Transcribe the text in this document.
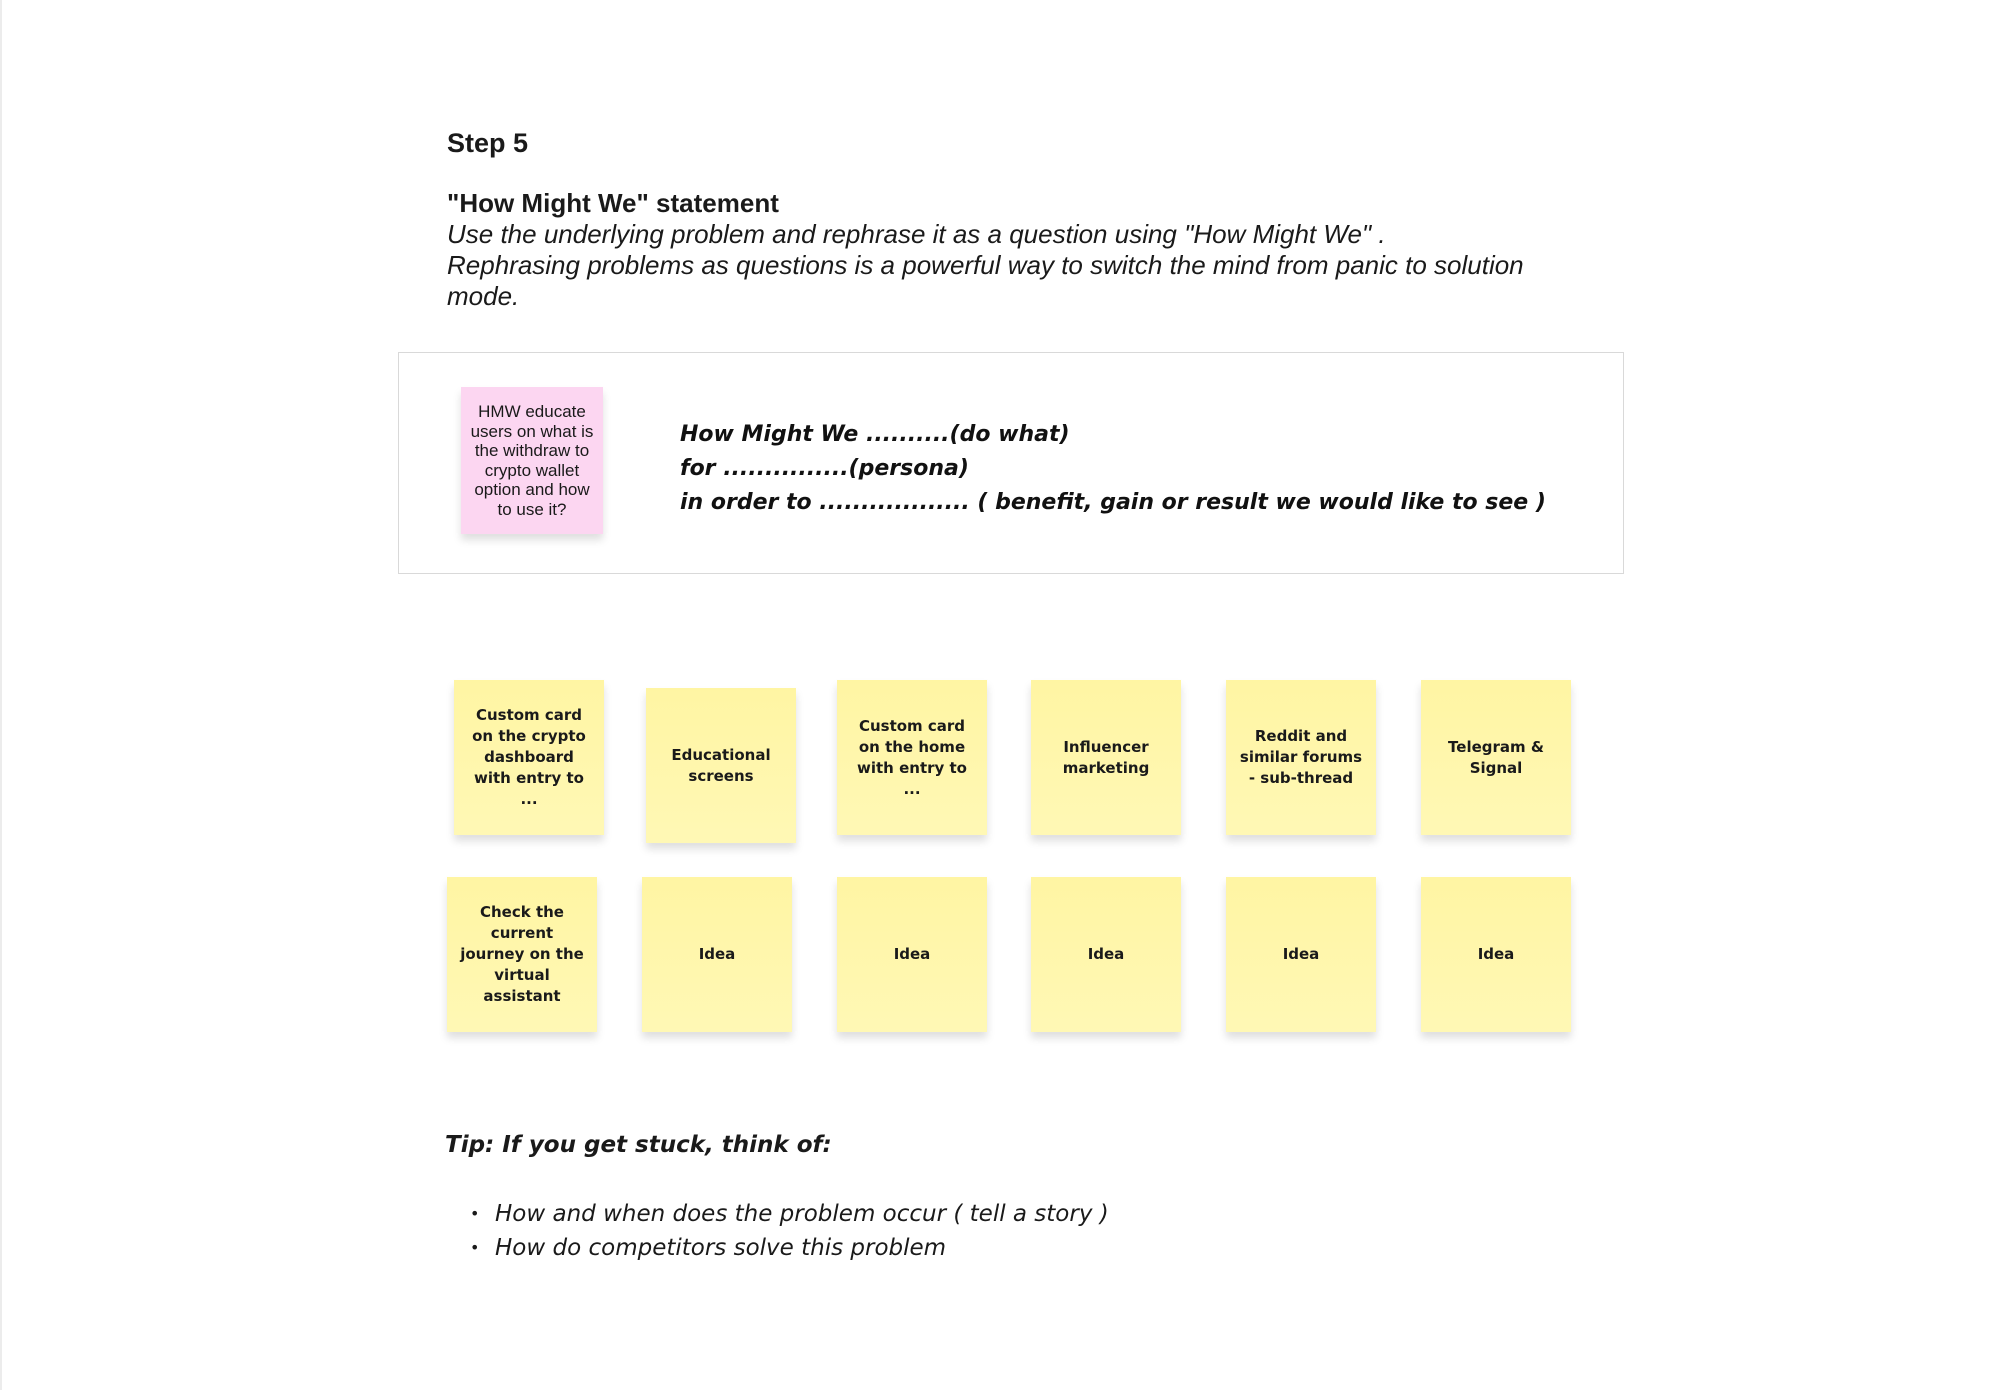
Step 5
"How Might We" statement
Use the underlying problem and rephrase it as a question using "How Might We" .
Rephrasing problems as questions is a powerful way to switch the mind from panic to solution mode.
HMW educate users on what is the withdraw to crypto wallet option and how to use it?
How Might We ..........(do what)
for ...............(persona)
in order to .................. ( benefit, gain or result we would like to see )
Custom card on the crypto dashboard with entry to ...
Educational screens
Custom card on the home with entry to ...
Influencer marketing
Reddit and similar forums - sub-thread
Telegram & Signal
Check the current journey on the virtual assistant
Idea	Idea	Idea	Idea	Idea
Tip: If you get stuck, think of:
• How and when does the problem occur ( tell a story )
• How do competitors solve this problem
